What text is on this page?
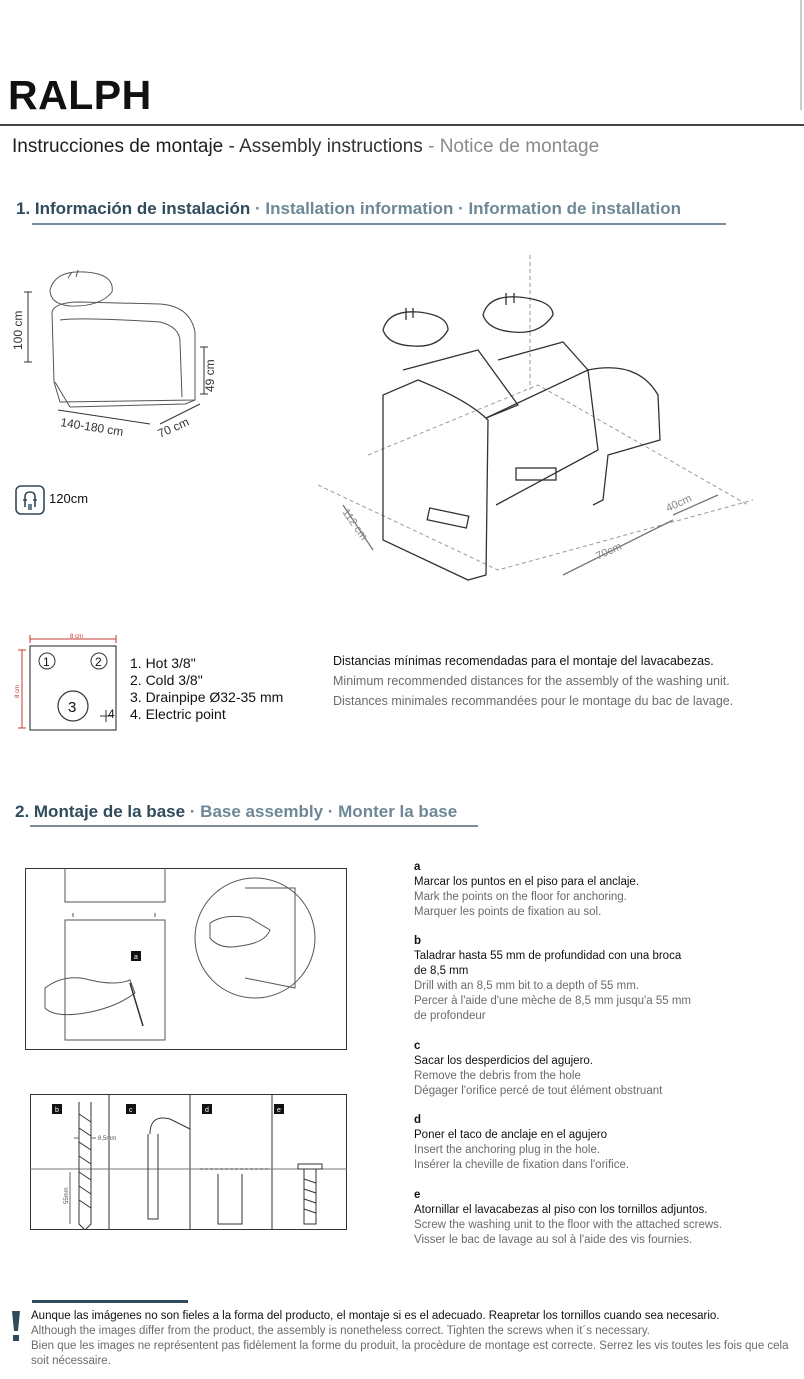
RALPH
Instrucciones de montaje - Assembly instructions - Notice de montage
1. Información de instalación · Installation information · Information de installation
100 cm
49 cm
140-180 cm	70 cm
120cm
112 cm
40cm
70cm
8 cm
8 cm
1	2
3	4
1. Hot 3/8"
2. Cold 3/8"
3. Drainpipe Ø32-35 mm
4. Electric point
Distancias mínimas recomendadas para el montaje del lavacabezas.
Minimum recommended distances for the assembly of the washing unit.
Distances minimales recommandées pour le montage du bac de lavage.
2. Montaje de la base · Base assembly · Monter la base
a
b	c	d	e
8,5mm
55mm
a
Marcar los puntos en el piso para el anclaje.
Mark the points on the floor for anchoring.
Marquer les points de fixation au sol.
b
Taladrar hasta 55 mm de profundidad con una broca de 8,5 mm
Drill with an 8,5 mm bit to a depth of 55 mm.
Percer à l'aide d'une mèche de 8,5 mm jusqu'a 55 mm de profondeur
c
Sacar los desperdicios del agujero.
Remove the debris from the hole
Dégager l'orifice percé de tout élément obstruant
d
Poner el taco de anclaje en el agujero
Insert the anchoring plug in the hole.
Insérer la cheville de fixation dans l'orifice.
e
Atornillar el lavacabezas al piso con los tornillos adjuntos.
Screw the washing unit to the floor with the attached screws.
Visser le bac de lavage au sol à l'aide des vis fournies.
Aunque las imágenes no son fieles a la forma del producto, el montaje si es el adecuado. Reapretar los tornillos cuando sea necesario.
Although the images differ from the product, the assembly is nonetheless correct. Tighten the screws when it´s necessary.
Bien que les images ne représentent pas fidèlement la forme du produit, la procèdure de montage est correcte. Serrez les vis toutes les fois que cela soit nécessaire.
